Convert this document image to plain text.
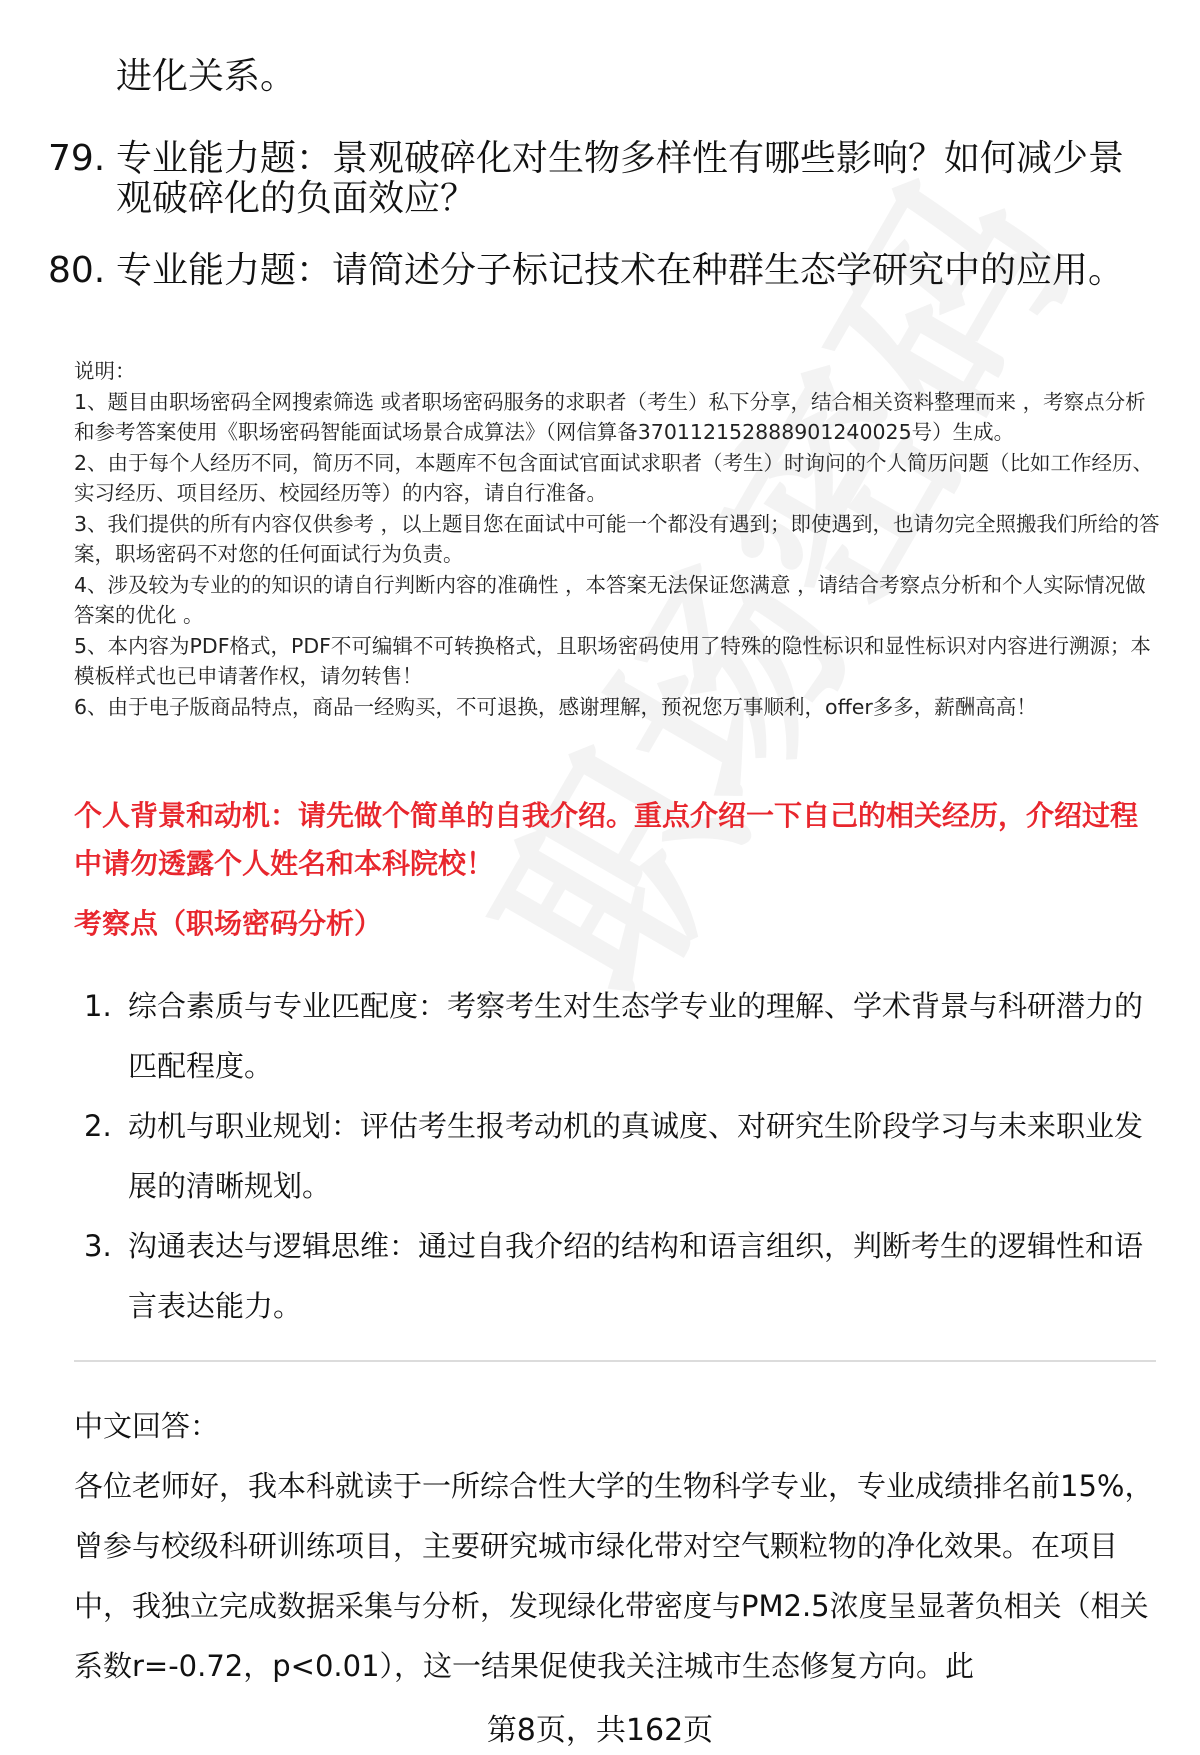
进化关系。
79. 专业能力题：景观破碎化对生物多样性有哪些影响？如何减少景
观破碎化的负面效应？
80. 专业能力题：请简述分子标记技术在种群生态学研究中的应用。
说明：
1、题目由职场密码全网搜索筛选 或者职场密码服务的求职者（考生）私下分享，结合相关资料整理而来 ，考察点分析和参考答案使用《职场密码智能面试场景合成算法》（网信算备370112152888901240025号）生成。
2、由于每个人经历不同，简历不同，本题库不包含面试官面试求职者（考生）时询问的个人简历问题（比如工作经历、实习经历、项目经历、校园经历等）的内容，请自行准备。
3、我们提供的所有内容仅供参考 ，以上题目您在面试中可能一个都没有遇到；即使遇到，也请勿完全照搬我们所给的答案，职场密码不对您的任何面试行为负责。
4、涉及较为专业的的知识的请自行判断内容的准确性 ，本答案无法保证您满意 ，请结合考察点分析和个人实际情况做答案的优化 。
5、本内容为PDF格式，PDF不可编辑不可转换格式，且职场密码使用了特殊的隐性标识和显性标识对内容进行溯源；本模板样式也已申请著作权，请勿转售！
6、由于电子版商品特点，商品一经购买，不可退换，感谢理解，预祝您万事顺利，offer多多，薪酬高高！
个人背景和动机：请先做个简单的自我介绍。重点介绍一下自己的相关经历，介绍过程中请勿透露个人姓名和本科院校！
考察点（职场密码分析）
1. 综合素质与专业匹配度：考察考生对生态学专业的理解、学术背景与科研潜力的匹配程度。
2. 动机与职业规划：评估考生报考动机的真诚度、对研究生阶段学习与未来职业发展的清晰规划。
3. 沟通表达与逻辑思维：通过自我介绍的结构和语言组织，判断考生的逻辑性和语言表达能力。
中文回答：
各位老师好，我本科就读于一所综合性大学的生物科学专业，专业成绩排名前15%，曾参与校级科研训练项目，主要研究城市绿化带对空气颗粒物的净化效果。在项目中，我独立完成数据采集与分析，发现绿化带密度与PM2.5浓度呈显著负相关（相关系数r=-0.72，p<0.01），这一结果促使我关注城市生态修复方向。此
第8页，共162页
